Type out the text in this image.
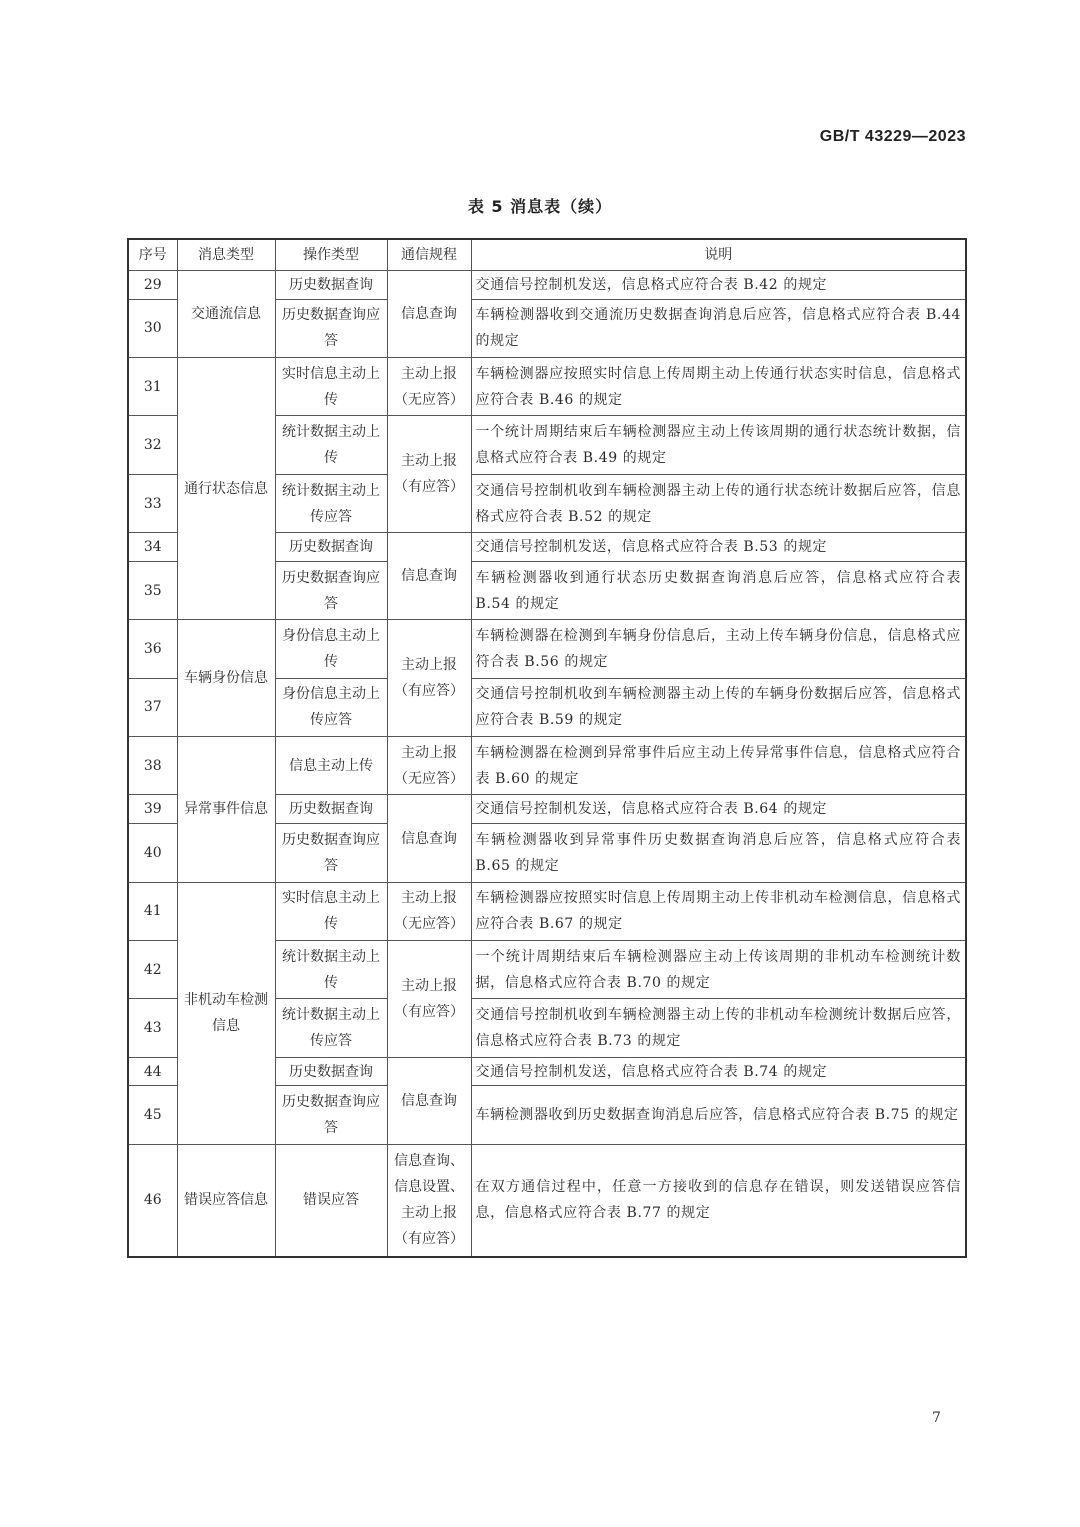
GB/T 43229—2023
表 5 消息表（续）
序号	消息类型	操作类型	通信规程	说明
29	交通流信息	历史数据查询	信息查询	交通信号控制机发送，信息格式应符合表 B.42 的规定
30		历史数据查询应答		车辆检测器收到交通流历史数据查询消息后应答，信息格式应符合表 B.44 的规定
31	通行状态信息	实时信息主动上传	主动上报（无应答）	车辆检测器应按照实时信息上传周期主动上传通行状态实时信息，信息格式应符合表 B.46 的规定
32		统计数据主动上传	主动上报（有应答）	一个统计周期结束后车辆检测器应主动上传该周期的通行状态统计数据，信息格式应符合表 B.49 的规定
33		统计数据主动上传应答		交通信号控制机收到车辆检测器主动上传的通行状态统计数据后应答，信息格式应符合表 B.52 的规定
34		历史数据查询	信息查询	交通信号控制机发送，信息格式应符合表 B.53 的规定
35		历史数据查询应答		车辆检测器收到通行状态历史数据查询消息后应答，信息格式应符合表 B.54 的规定
36	车辆身份信息	身份信息主动上传	主动上报（有应答）	车辆检测器在检测到车辆身份信息后，主动上传车辆身份信息，信息格式应符合表 B.56 的规定
37		身份信息主动上传应答		交通信号控制机收到车辆检测器主动上传的车辆身份数据后应答，信息格式应符合表 B.59 的规定
38	异常事件信息	信息主动上传	主动上报（无应答）	车辆检测器在检测到异常事件后应主动上传异常事件信息，信息格式应符合表 B.60 的规定
39		历史数据查询	信息查询	交通信号控制机发送，信息格式应符合表 B.64 的规定
40		历史数据查询应答		车辆检测器收到异常事件历史数据查询消息后应答，信息格式应符合表 B.65 的规定
41	非机动车检测信息	实时信息主动上传	主动上报（无应答）	车辆检测器应按照实时信息上传周期主动上传非机动车检测信息，信息格式应符合表 B.67 的规定
42		统计数据主动上传	主动上报（有应答）	一个统计周期结束后车辆检测器应主动上传该周期的非机动车检测统计数据，信息格式应符合表 B.70 的规定
43		统计数据主动上传应答		交通信号控制机收到车辆检测器主动上传的非机动车检测统计数据后应答，信息格式应符合表 B.73 的规定
44		历史数据查询	信息查询	交通信号控制机发送，信息格式应符合表 B.74 的规定
45		历史数据查询应答		车辆检测器收到历史数据查询消息后应答，信息格式应符合表 B.75 的规定
46	错误应答信息	错误应答	信息查询、信息设置、主动上报（有应答）	在双方通信过程中，任意一方接收到的信息存在错误，则发送错误应答信息，信息格式应符合表 B.77 的规定
7
